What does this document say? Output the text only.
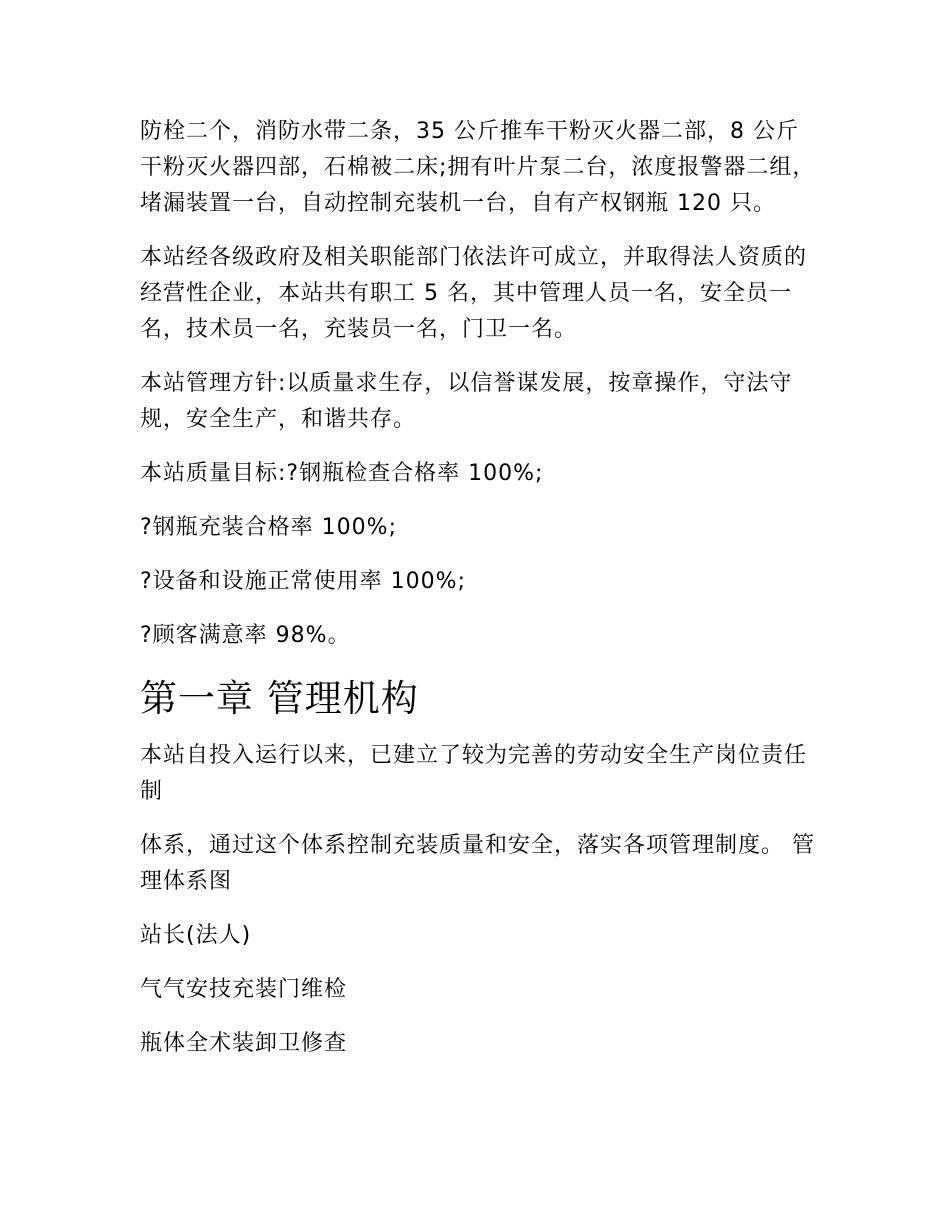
防栓二个，消防水带二条，35 公斤推车干粉灭火器二部，8 公斤干粉灭火器四部，石棉被二床;拥有叶片泵二台，浓度报警器二组，堵漏装置一台，自动控制充装机一台，自有产权钢瓶 120 只。

本站经各级政府及相关职能部门依法许可成立，并取得法人资质的经营性企业，本站共有职工 5 名，其中管理人员一名，安全员一名，技术员一名，充装员一名，门卫一名。

本站管理方针:以质量求生存，以信誉谋发展，按章操作，守法守规，安全生产，和谐共存。

本站质量目标:?钢瓶检查合格率 100%;

?钢瓶充装合格率 100%;

?设备和设施正常使用率 100%;

?顾客满意率 98%。

第一章 管理机构

本站自投入运行以来，已建立了较为完善的劳动安全生产岗位责任制

体系，通过这个体系控制充装质量和安全，落实各项管理制度。 管理体系图

站长(法人)

气气安技充装门维检

瓶体全术装卸卫修查
